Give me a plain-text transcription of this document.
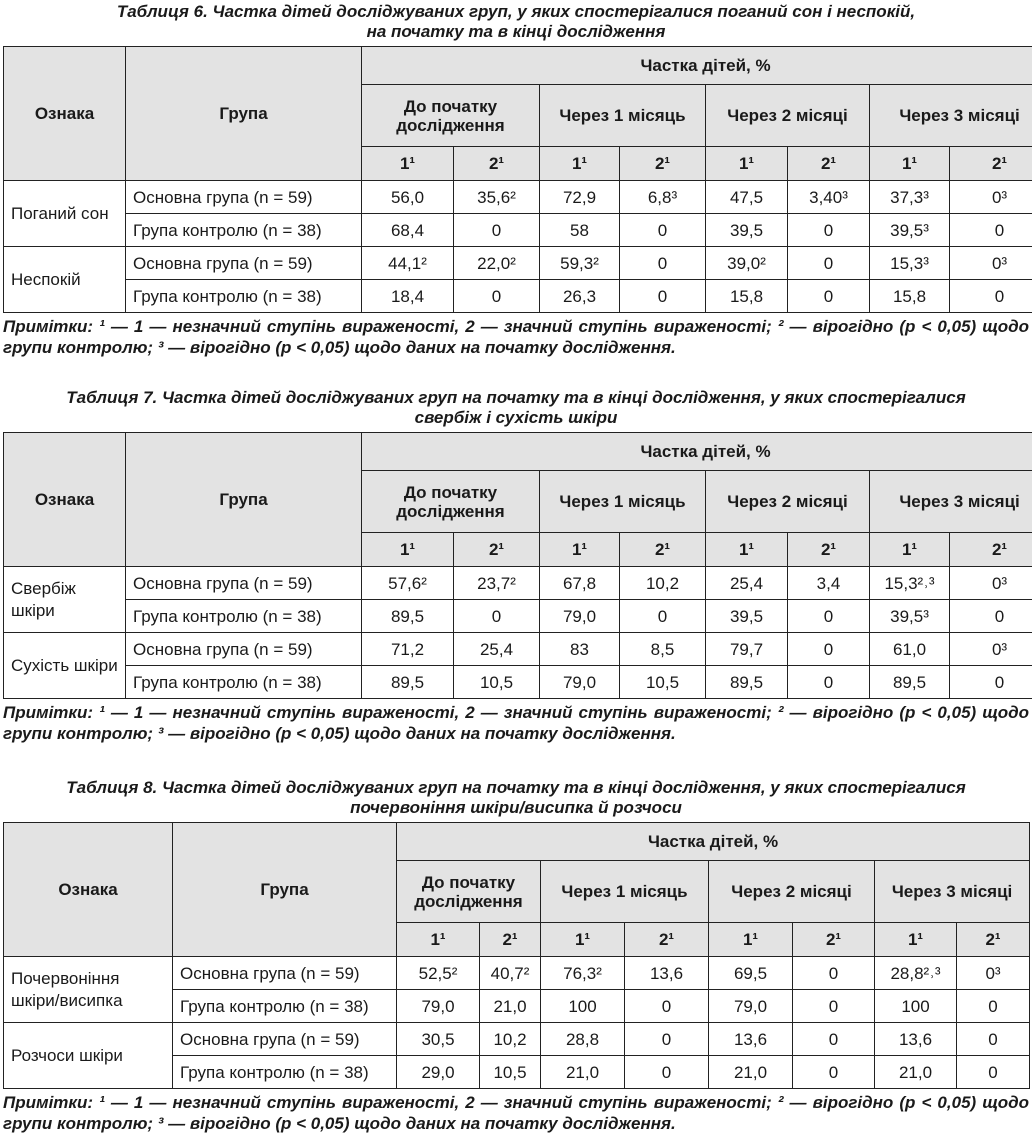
Таблиця 6. Частка дітей досліджуваних груп, у яких спостерігалися поганий сон і неспокій,
на початку та в кінці дослідження
Ознака	Група	Частка дітей, %							
		До початку дослідження		Через 1 місяць		Через 2 місяці		Через 3 місяці	
		1¹	2¹	1¹	2¹	1¹	2¹	1¹	2¹
Поганий сон	Основна група (n = 59)	56,0	35,6²	72,9	6,8³	47,5	3,40³	37,3³	0³
	Група контролю (n = 38)	68,4	0	58	0	39,5	0	39,5³	0
Неспокій	Основна група (n = 59)	44,1²	22,0²	59,3²	0	39,0²	0	15,3³	0³
	Група контролю (n = 38)	18,4	0	26,3	0	15,8	0	15,8	0
Примітки: ¹ — 1 — незначний ступінь вираженості, 2 — значний ступінь вираженості; ² — вірогідно (р < 0,05) щодо групи контролю; ³ — вірогідно (р < 0,05) щодо даних на початку дослідження.
Таблиця 7. Частка дітей досліджуваних груп на початку та в кінці дослідження, у яких спостерігалися
свербіж і сухість шкіри
Ознака	Група	Частка дітей, %							
		До початку дослідження		Через 1 місяць		Через 2 місяці		Через 3 місяці	
		1¹	2¹	1¹	2¹	1¹	2¹	1¹	2¹
Свербіж шкіри	Основна група (n = 59)	57,6²	23,7²	67,8	10,2	25,4	3,4	15,3²˒³	0³
	Група контролю (n = 38)	89,5	0	79,0	0	39,5	0	39,5³	0
Сухість шкіри	Основна група (n = 59)	71,2	25,4	83	8,5	79,7	0	61,0	0³
	Група контролю (n = 38)	89,5	10,5	79,0	10,5	89,5	0	89,5	0
Примітки: ¹ — 1 — незначний ступінь вираженості, 2 — значний ступінь вираженості; ² — вірогідно (р < 0,05) щодо групи контролю; ³ — вірогідно (р < 0,05) щодо даних на початку дослідження.
Таблиця 8. Частка дітей досліджуваних груп на початку та в кінці дослідження, у яких спостерігалися
почервоніння шкіри/висипка й розчоси
Ознака	Група	Частка дітей, %							
		До початку дослідження		Через 1 місяць		Через 2 місяці		Через 3 місяці	
		1¹	2¹	1¹	2¹	1¹	2¹	1¹	2¹
Почервоніння шкіри/висипка	Основна група (n = 59)	52,5²	40,7²	76,3²	13,6	69,5	0	28,8²˒³	0³
	Група контролю (n = 38)	79,0	21,0	100	0	79,0	0	100	0
Розчоси шкіри	Основна група (n = 59)	30,5	10,2	28,8	0	13,6	0	13,6	0
	Група контролю (n = 38)	29,0	10,5	21,0	0	21,0	0	21,0	0
Примітки: ¹ — 1 — незначний ступінь вираженості, 2 — значний ступінь вираженості; ² — вірогідно (р < 0,05) щодо групи контролю; ³ — вірогідно (р < 0,05) щодо даних на початку дослідження.
